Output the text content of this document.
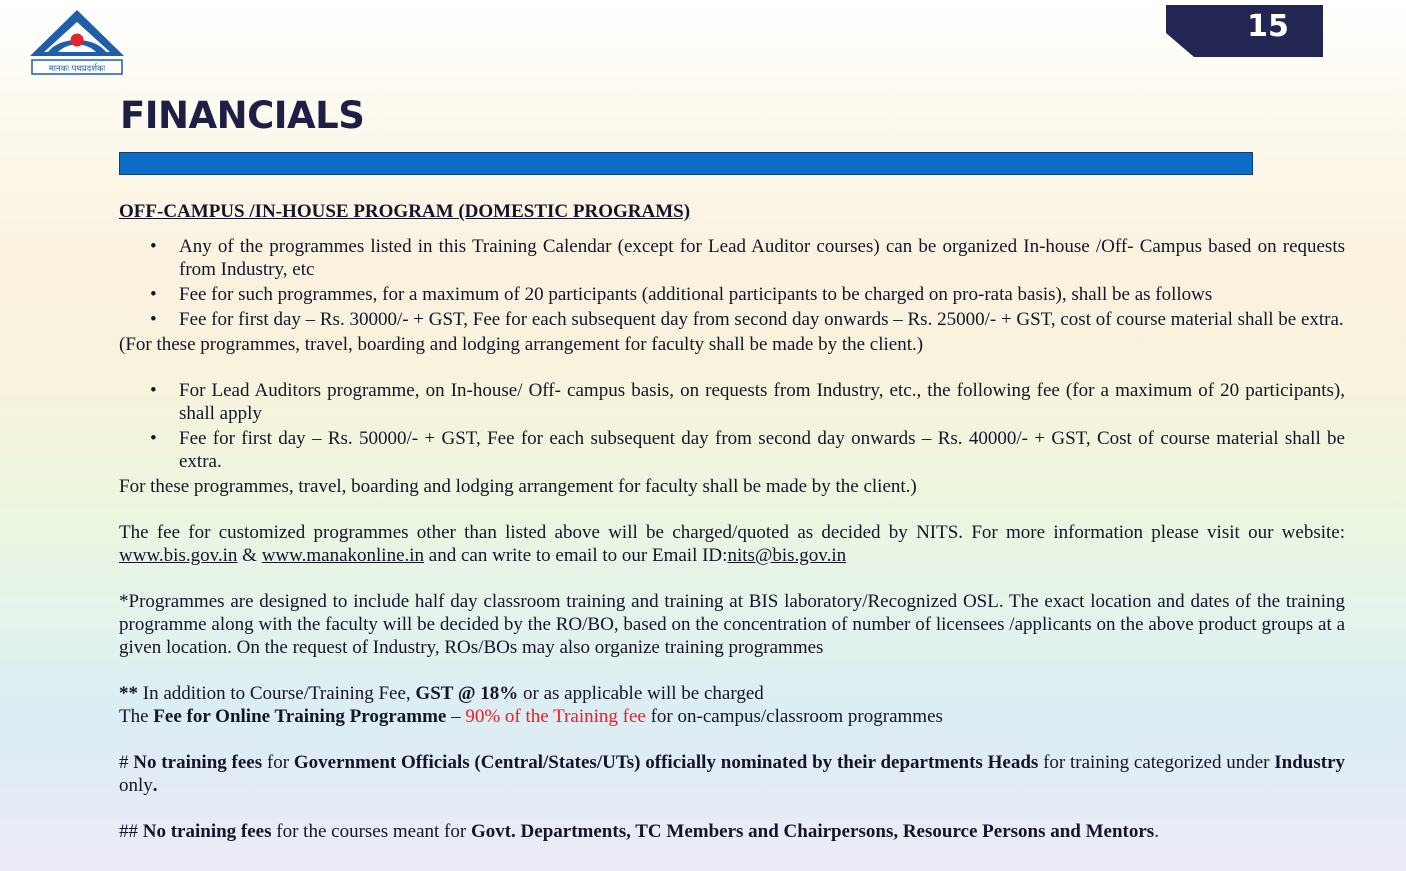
मानकः पथप्रदर्शकः
15
FINANCIALS

OFF-CAMPUS /IN-HOUSE PROGRAM (DOMESTIC PROGRAMS)

• Any of the programmes listed in this Training Calendar (except for Lead Auditor courses) can be organized In-house /Off- Campus based on requests from Industry, etc
• Fee for such programmes, for a maximum of 20 participants (additional participants to be charged on pro-rata basis), shall be as follows
• Fee for first day – Rs. 30000/- + GST, Fee for each subsequent day from second day onwards – Rs. 25000/- + GST, cost of course material shall be extra.

(For these programmes, travel, boarding and lodging arrangement for faculty shall be made by the client.)

• For Lead Auditors programme, on In-house/ Off- campus basis, on requests from Industry, etc., the following fee (for a maximum of 20 participants), shall apply
• Fee for first day – Rs. 50000/- + GST, Fee for each subsequent day from second day onwards – Rs. 40000/- + GST, Cost of course material shall be extra.

For these programmes, travel, boarding and lodging arrangement for faculty shall be made by the client.)

The fee for customized programmes other than listed above will be charged/quoted as decided by NITS. For more information please visit our website: www.bis.gov.in & www.manakonline.in and can write to email to our Email ID:nits@bis.gov.in

*Programmes are designed to include half day classroom training and training at BIS laboratory/Recognized OSL. The exact location and dates of the training programme along with the faculty will be decided by the RO/BO, based on the concentration of number of licensees /applicants on the above product groups at a given location. On the request of Industry, ROs/BOs may also organize training programmes

** In addition to Course/Training Fee, GST @ 18% or as applicable will be charged

The Fee for Online Training Programme – 90% of the Training fee for on-campus/classroom programmes

# No training fees for Government Officials (Central/States/UTs) officially nominated by their departments Heads for training categorized under Industry only.

## No training fees for the courses meant for Govt. Departments, TC Members and Chairpersons, Resource Persons and Mentors.
